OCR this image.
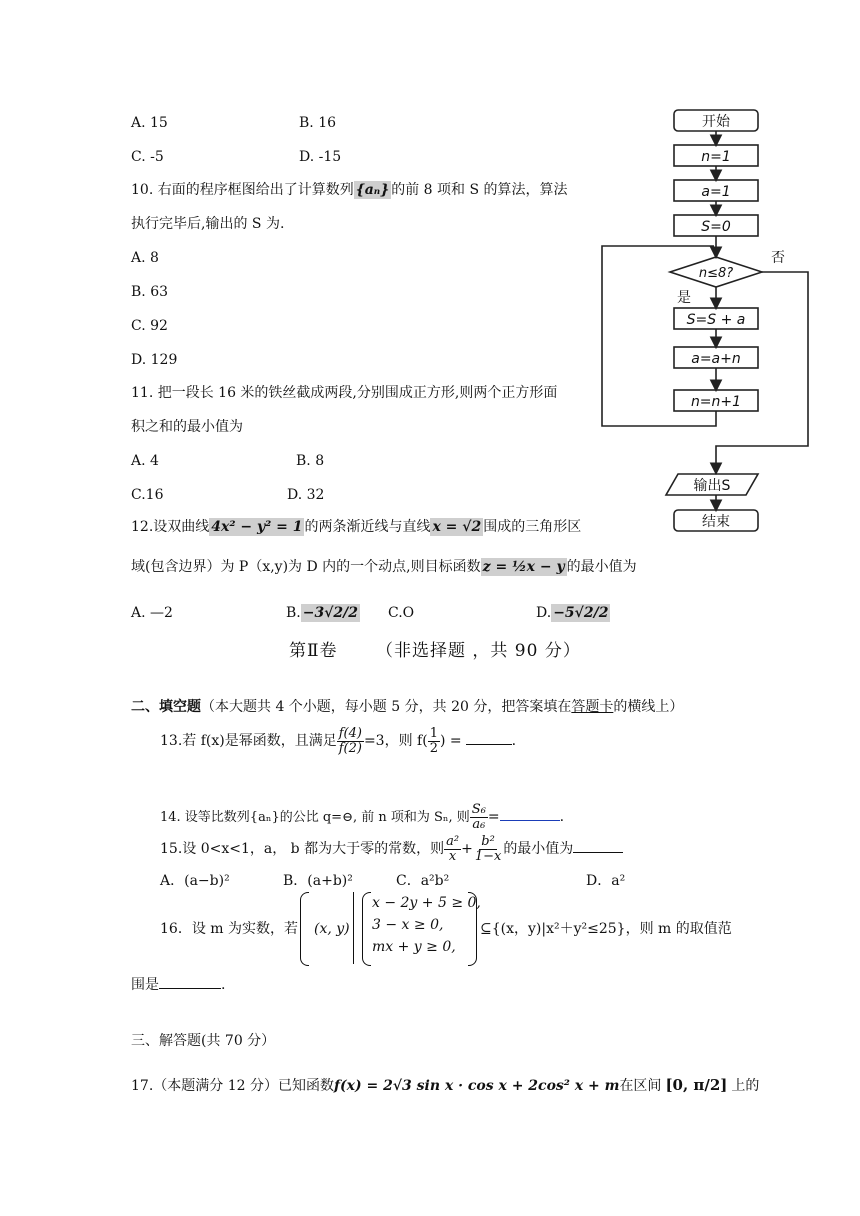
A. 15	B. 16
C. -5	D. -15
10. 右面的程序框图给出了计算数列 {aₙ} 的前 8 项和 S 的算法，算法
执行完毕后,输出的 S 为.
A. 8
B. 63
C. 92
D. 129
11. 把一段长 16 米的铁丝截成两段,分别围成正方形,则两个正方形面
积之和的最小值为
A. 4	B. 8
C.16	D. 32
12.设双曲线 4x² − y² = 1 的两条渐近线与直线 x = √2 围成的三角形区
域(包含边界）为 P（x,y)为 D 内的一个动点,则目标函数 z = ½x − y 的最小值为
A. —2	B. −3√2/2 C.O	D. −5√2/2
第Ⅱ卷 （非选择题 ，共 90 分）
二、填空题（本大题共 4 个小题，每小题 5 分，共 20 分，把答案填在答题卡的横线上）
13.若 f(x)是幂函数，且满足 $\frac{f(4)}{f(2)} =3$，则 $f( \frac{1}{2}$ ) =	.
14. 设等比数列{aₙ}的公比 q=⊖, 前 n 项和为 Sₙ, 则 $\frac{\text{S₆}}{\text{a₆}}$ =	.
15.设 0<x<1，a， b 都为大于零的常数，则 $\frac{\text{a²}}{x} + \frac{\text{b²}}{1-x}$ 的最小值为
A．(a−b)²	B．(a+b)²	C．a²b²	D．a²
16．设 m 为实数，若 (x, y)
x − 2y + 5 ≥ 0,
3 − x ≥ 0,
mx + y ≥ 0,
⊆{(x，y)|x²＋y²≤25}，则 m 的取值范
围是	.
三、解答题(共 70 分）
17.（本题满分 12 分）已知函数f(x) = 2√3 sin x · cos x + 2cos² x + m在区间 [0, π/2] 上的
开始
n=1
a=1
S=0
n≤8?
是
否
S=S + a
a=a+n
n=n+1
输出S
结束
